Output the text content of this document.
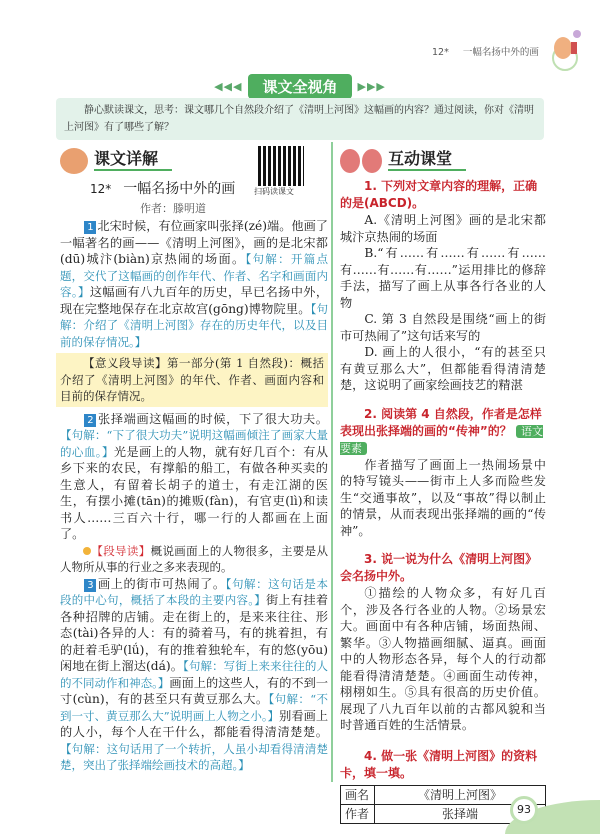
12* 一幅名扬中外的画
◀◀◀ 课文全视角 ▶▶▶
静心默读课文，思考：课文哪几个自然段介绍了《清明上河图》这幅画的内容？通过阅读，你对《清明上河图》有了哪些了解？
课文详解
扫码读课文
12* 一幅名扬中外的画
作者：滕明道

1 北宋时候，有位画家叫张择(zé)端。他画了一幅著名的画——《清明上河图》，画的是北宋都(dū)城汴(biàn)京热闹的场面。【句解：开篇点题，交代了这幅画的创作年代、作者、名字和画面内容。】这幅画有八九百年的历史，早已名扬中外，现在完整地保存在北京故宫(gōng)博物院里。【句解：介绍了《清明上河图》存在的历史年代，以及目前的保存情况。】

【意义段导读】第一部分(第 1 自然段)：概括介绍了《清明上河图》的年代、作者、画面内容和目前的保存情况。

2 张择端画这幅画的时候，下了很大功夫。【句解：“下了很大功夫”说明这幅画倾注了画家大量的心血。】光是画上的人物，就有好几百个：有从乡下来的农民，有撑船的船工，有做各种买卖的生意人，有留着长胡子的道士，有走江湖的医生，有摆小摊(tān)的摊贩(fàn)，有官吏(lì)和读书人……三百六十行，哪一行的人都画在上面了。

【段导读】概说画面上的人物很多，主要是从人物所从事的行业之多来表现的。

3 画上的街市可热闹了。【句解：这句话是本段的中心句，概括了本段的主要内容。】街上有挂着各种招牌的店铺。走在街上的，是来来往往、形态(tài)各异的人：有的骑着马，有的挑着担，有的赶着毛驴(lǘ)，有的推着独轮车，有的悠(yōu)闲地在街上溜达(dá)。【句解：写街上来来往往的人的不同动作和神态。】画面上的这些人，有的不到一寸(cùn)，有的甚至只有黄豆那么大。【句解：“不到一寸、黄豆那么大”说明画上人物之小。】别看画上的人小，每个人在干什么，都能看得清清楚楚。【句解：这句话用了一个转折，人虽小却看得清清楚楚，突出了张择端绘画技术的高超。】

互动课堂
1. 下列对文章内容的理解，正确的是(ABCD)。

A.《清明上河图》画的是北宋都城汴京热闹的场面

B.“有……有……有……有……有……有……有……”运用排比的修辞手法，描写了画上从事各行各业的人物

C. 第 3 自然段是围绕“画上的街市可热闹了”这句话来写的

D. 画上的人很小，“有的甚至只有黄豆那么大”，但都能看得清清楚楚，这说明了画家绘画技艺的精湛

2. 阅读第 4 自然段，作者是怎样表现出张择端的画的“传神”的？ 语文要素

作者描写了画面上一热闹场景中的特写镜头——街市上人多而险些发生“交通事故”，以及“事故”得以制止的情景，从而表现出张择端的画的“传神”。

3. 说一说为什么《清明上河图》会名扬中外。

①描绘的人物众多，有好几百个，涉及各行各业的人物。②场景宏大。画面中有各种店铺，场面热闹、繁华。③人物描画细腻、逼真。画面中的人物形态各异，每个人的行动都能看得清清楚楚。④画面生动传神，栩栩如生。⑤具有很高的历史价值。展现了八九百年以前的古都风貌和当时普通百姓的生活情景。

4. 做一张《清明上河图》的资料卡，填一填。
画名	《清明上河图》
作者	张择端	93
